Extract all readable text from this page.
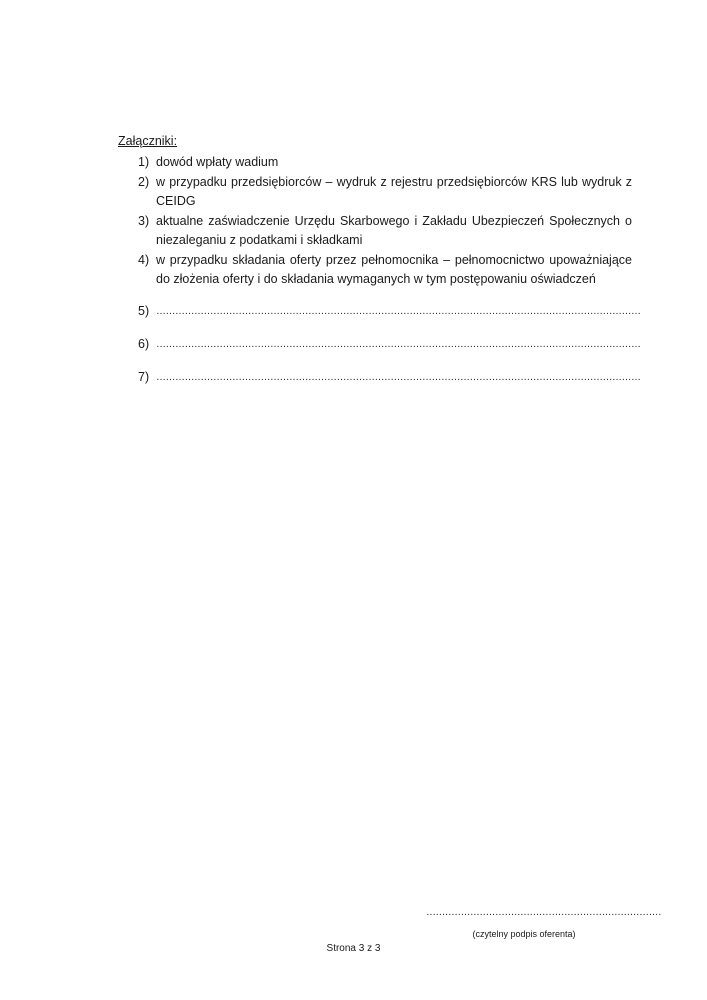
Załączniki:
1) dowód wpłaty wadium
2) w przypadku przedsiębiorców – wydruk z rejestru przedsiębiorców KRS lub wydruk z CEIDG
3) aktualne zaświadczenie Urzędu Skarbowego i Zakładu Ubezpieczeń Społecznych o niezaleganiu z podatkami i składkami
4) w przypadku składania oferty przez pełnomocnika – pełnomocnictwo upoważniające do złożenia oferty i do składania wymaganych w tym postępowaniu oświadczeń
5) ………………………………………………………………………………………………………………………………………
6) ………………………………………………………………………………………………………………………………………
7) ………………………………………………………………………………………………………………………………………
…………………………………………………………………
(czytelny podpis oferenta)
Strona 3 z 3
